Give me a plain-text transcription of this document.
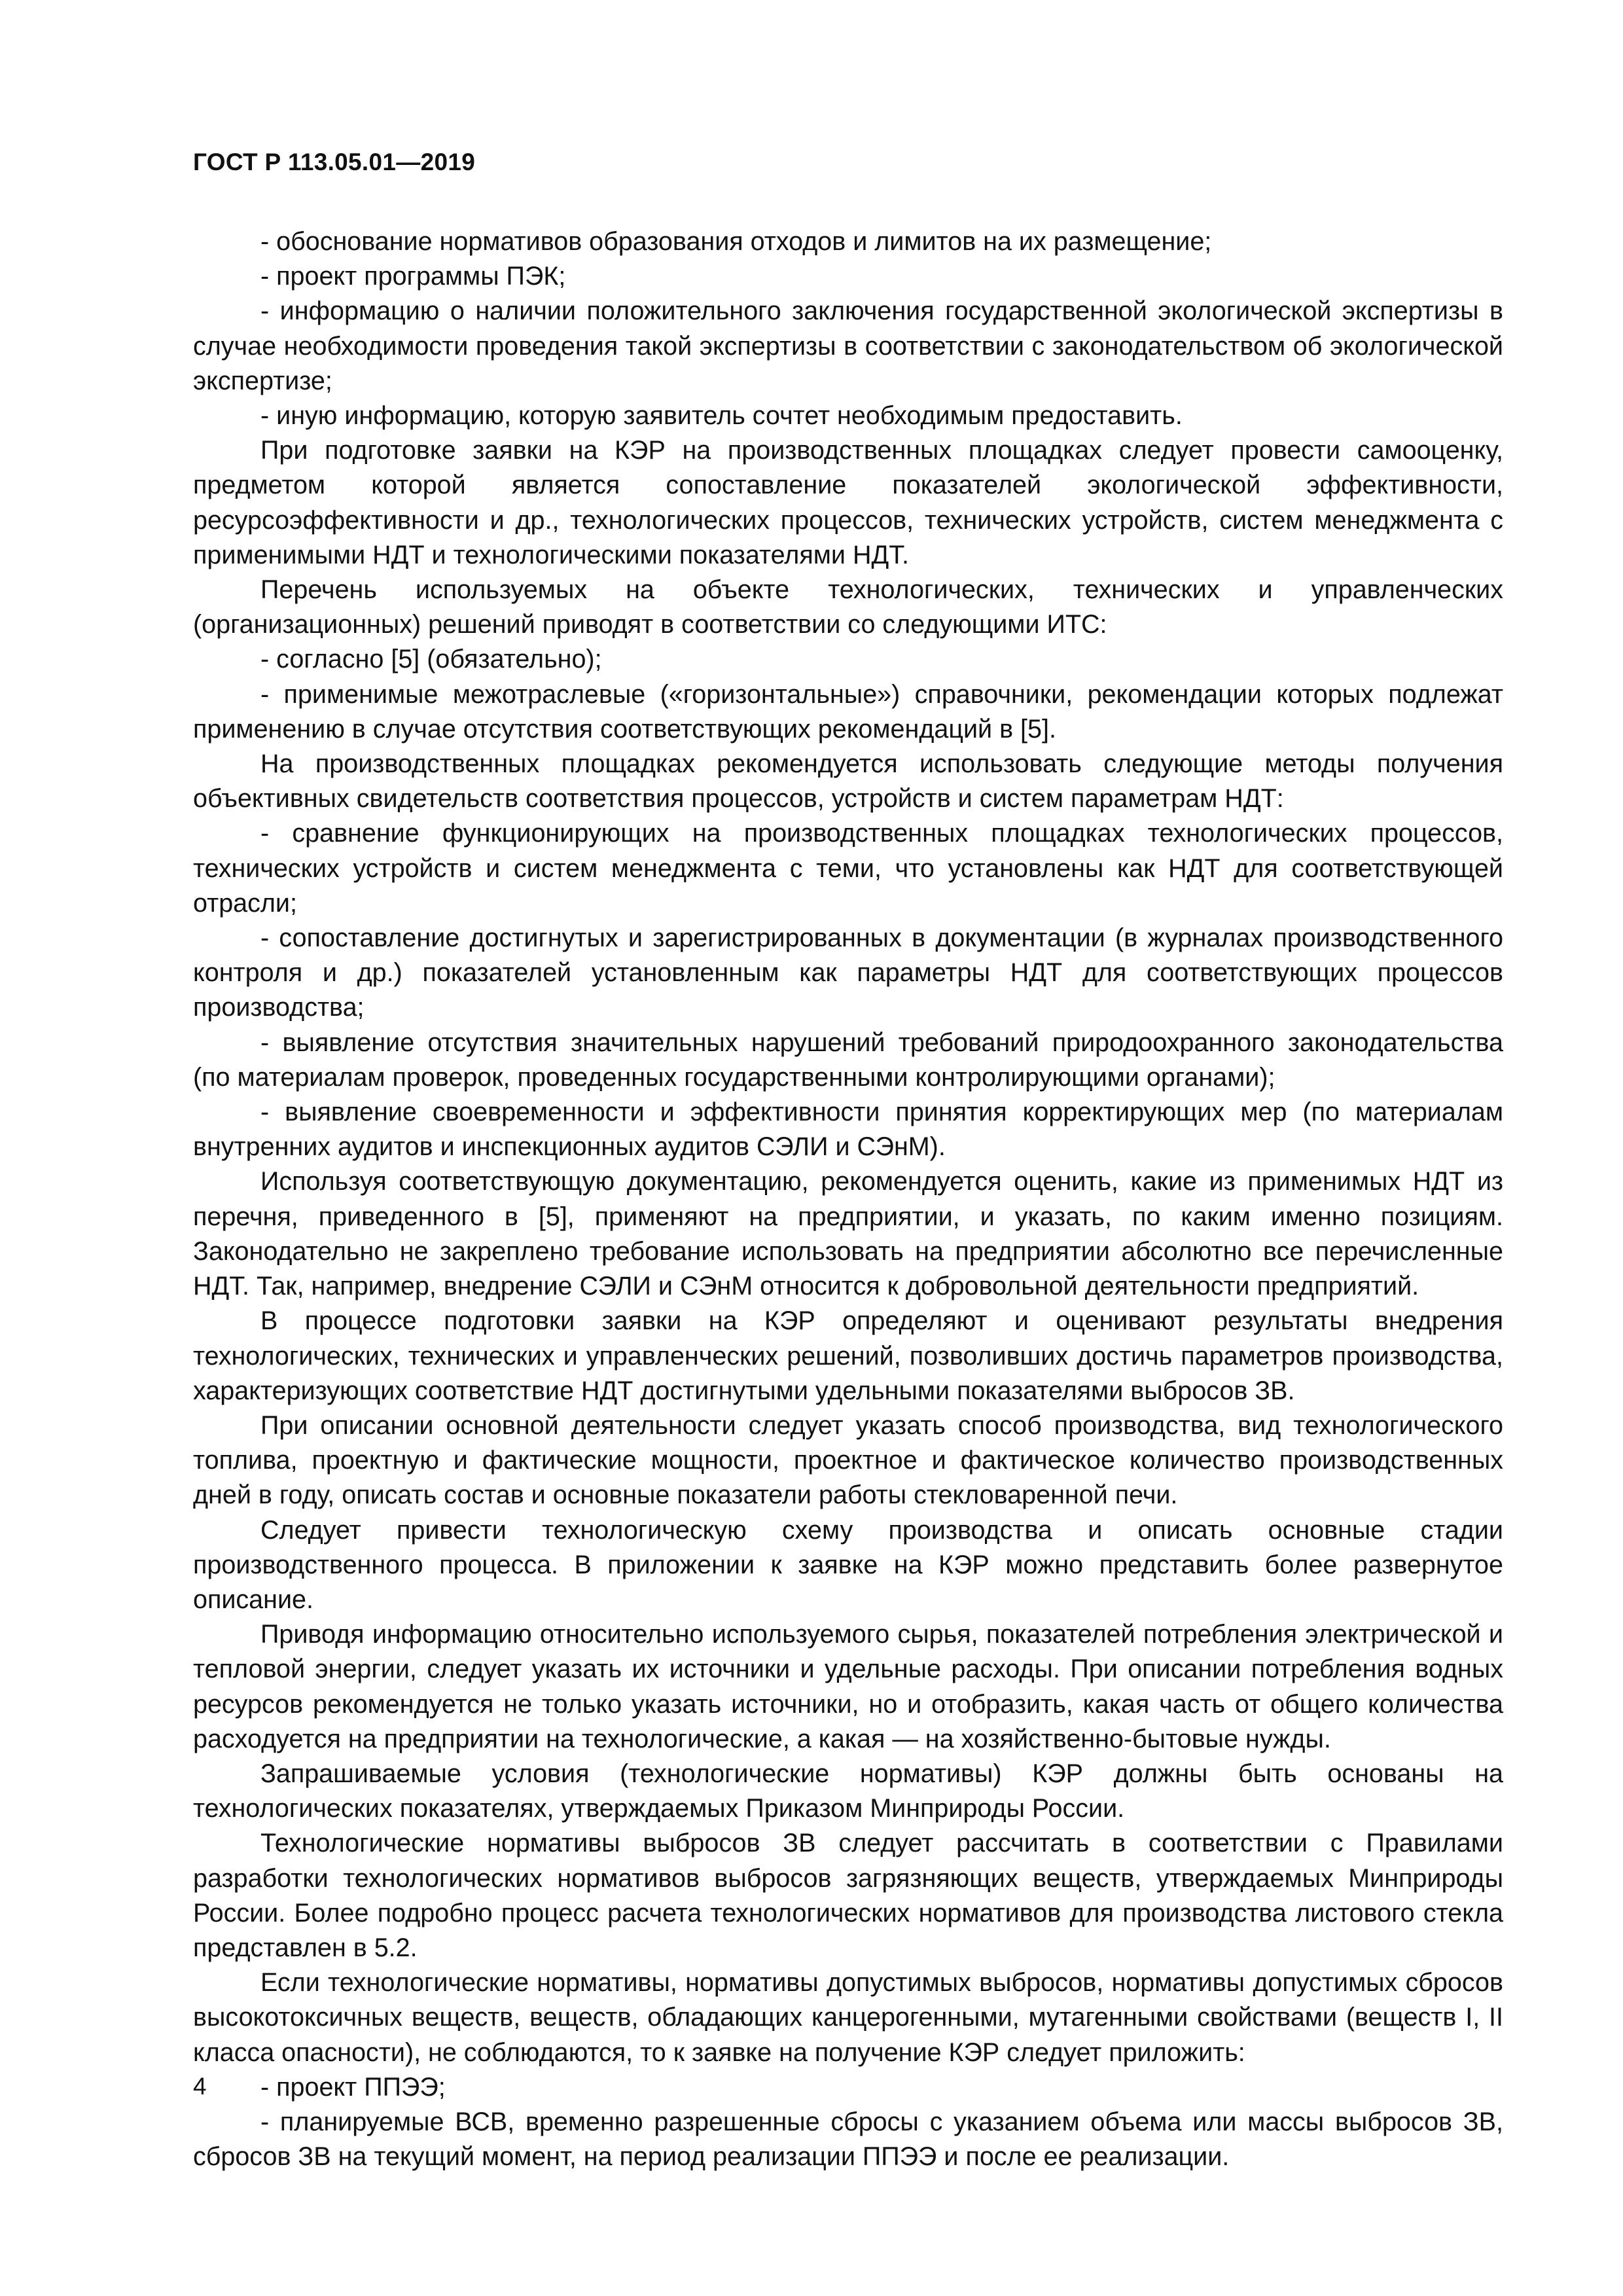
ГОСТ Р 113.05.01—2019

- обоснование нормативов образования отходов и лимитов на их размещение;

- проект программы ПЭК;

- информацию о наличии положительного заключения государственной экологической экспертизы в случае необходимости проведения такой экспертизы в соответствии с законодательством об экологической экспертизе;

- иную информацию, которую заявитель сочтет необходимым предоставить.

При подготовке заявки на КЭР на производственных площадках следует провести самооценку, предметом которой является сопоставление показателей экологической эффективности, ресурсоэффективности и др., технологических процессов, технических устройств, систем менеджмента с применимыми НДТ и технологическими показателями НДТ.

Перечень используемых на объекте технологических, технических и управленческих (организационных) решений приводят в соответствии со следующими ИТС:

- согласно [5] (обязательно);

- применимые межотраслевые («горизонтальные») справочники, рекомендации которых подлежат применению в случае отсутствия соответствующих рекомендаций в [5].

На производственных площадках рекомендуется использовать следующие методы получения объективных свидетельств соответствия процессов, устройств и систем параметрам НДТ:

- сравнение функционирующих на производственных площадках технологических процессов, технических устройств и систем менеджмента с теми, что установлены как НДТ для соответствующей отрасли;

- сопоставление достигнутых и зарегистрированных в документации (в журналах производственного контроля и др.) показателей установленным как параметры НДТ для соответствующих процессов производства;

- выявление отсутствия значительных нарушений требований природоохранного законодательства (по материалам проверок, проведенных государственными контролирующими органами);

- выявление своевременности и эффективности принятия корректирующих мер (по материалам внутренних аудитов и инспекционных аудитов СЭЛИ и СЭнМ).

Используя соответствующую документацию, рекомендуется оценить, какие из применимых НДТ из перечня, приведенного в [5], применяют на предприятии, и указать, по каким именно позициям. Законодательно не закреплено требование использовать на предприятии абсолютно все перечисленные НДТ. Так, например, внедрение СЭЛИ и СЭнМ относится к добровольной деятельности предприятий.

В процессе подготовки заявки на КЭР определяют и оценивают результаты внедрения технологических, технических и управленческих решений, позволивших достичь параметров производства, характеризующих соответствие НДТ достигнутыми удельными показателями выбросов ЗВ.

При описании основной деятельности следует указать способ производства, вид технологического топлива, проектную и фактические мощности, проектное и фактическое количество производственных дней в году, описать состав и основные показатели работы стекловаренной печи.

Следует привести технологическую схему производства и описать основные стадии производственного процесса. В приложении к заявке на КЭР можно представить более развернутое описание.

Приводя информацию относительно используемого сырья, показателей потребления электрической и тепловой энергии, следует указать их источники и удельные расходы. При описании потребления водных ресурсов рекомендуется не только указать источники, но и отобразить, какая часть от общего количества расходуется на предприятии на технологические, а какая — на хозяйственно-бытовые нужды.

Запрашиваемые условия (технологические нормативы) КЭР должны быть основаны на технологических показателях, утверждаемых Приказом Минприроды России.

Технологические нормативы выбросов ЗВ следует рассчитать в соответствии с Правилами разработки технологических нормативов выбросов загрязняющих веществ, утверждаемых Минприроды России. Более подробно процесс расчета технологических нормативов для производства листового стекла представлен в 5.2.

Если технологические нормативы, нормативы допустимых выбросов, нормативы допустимых сбросов высокотоксичных веществ, веществ, обладающих канцерогенными, мутагенными свойствами (веществ I, II класса опасности), не соблюдаются, то к заявке на получение КЭР следует приложить:

- проект ППЭЭ;

- планируемые ВСВ, временно разрешенные сбросы с указанием объема или массы выбросов ЗВ, сбросов ЗВ на текущий момент, на период реализации ППЭЭ и после ее реализации.

4
